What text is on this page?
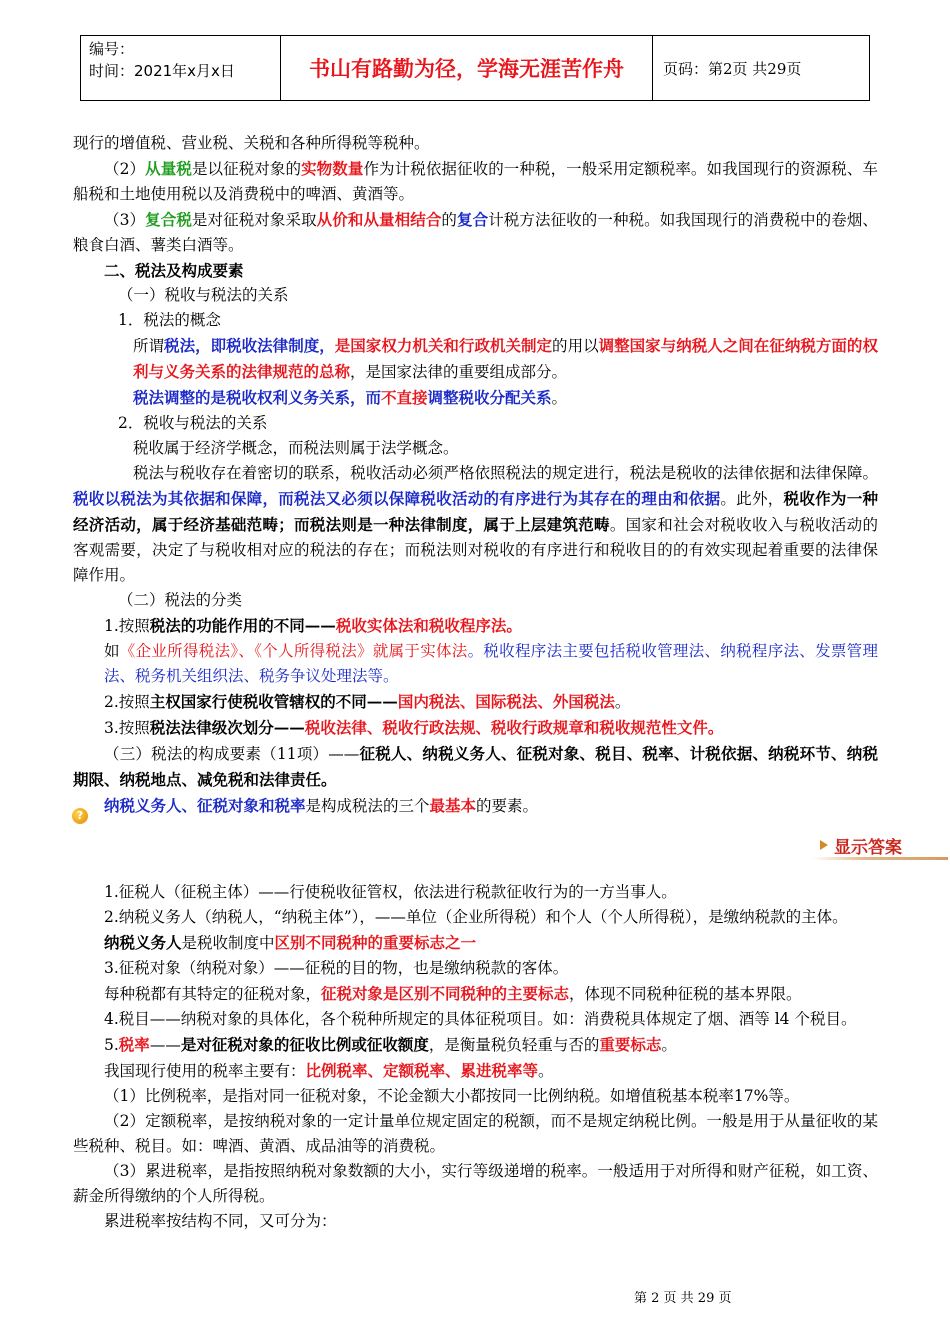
编号：
时间：2021年x月x日	书山有路勤为径，学海无涯苦作舟	页码：第2页 共29页

现行的增值税、营业税、关税和各种所得税等税种。

（2）从量税是以征税对象的实物数量作为计税依据征收的一种税，一般采用定额税率。如我国现行的资源税、车船税和土地使用税以及消费税中的啤酒、黄酒等。

（3）复合税是对征税对象采取从价和从量相结合的复合计税方法征收的一种税。如我国现行的消费税中的卷烟、粮食白酒、薯类白酒等。

二、税法及构成要素

（一）税收与税法的关系

1．税法的概念

所谓税法，即税收法律制度，是国家权力机关和行政机关制定的用以调整国家与纳税人之间在征纳税方面的权利与义务关系的法律规范的总称，是国家法律的重要组成部分。

税法调整的是税收权利义务关系，而不直接调整税收分配关系。

2．税收与税法的关系

税收属于经济学概念，而税法则属于法学概念。

税法与税收存在着密切的联系，税收活动必须严格依照税法的规定进行，税法是税收的法律依据和法律保障。税收以税法为其依据和保障，而税法又必须以保障税收活动的有序进行为其存在的理由和依据。此外，税收作为一种经济活动，属于经济基础范畴；而税法则是一种法律制度，属于上层建筑范畴。国家和社会对税收收入与税收活动的客观需要，决定了与税收相对应的税法的存在；而税法则对税收的有序进行和税收目的的有效实现起着重要的法律保障作用。

（二）税法的分类

1.按照税法的功能作用的不同——税收实体法和税收程序法。

如《企业所得税法》、《个人所得税法》就属于实体法。税收程序法主要包括税收管理法、纳税程序法、发票管理法、税务机关组织法、税务争议处理法等。

2.按照主权国家行使税收管辖权的不同——国内税法、国际税法、外国税法。

3.按照税法法律级次划分——税收法律、税收行政法规、税收行政规章和税收规范性文件。

（三）税法的构成要素（11项）——征税人、纳税义务人、征税对象、税目、税率、计税依据、纳税环节、纳税期限、纳税地点、减免税和法律责任。

纳税义务人、征税对象和税率是构成税法的三个最基本的要素。

?
显示答案

1.征税人（征税主体）——行使税收征管权，依法进行税款征收行为的一方当事人。

2.纳税义务人（纳税人，“纳税主体”），——单位（企业所得税）和个人（个人所得税），是缴纳税款的主体。

纳税义务人是税收制度中区别不同税种的重要标志之一

3.征税对象（纳税对象）——征税的目的物，也是缴纳税款的客体。

每种税都有其特定的征税对象，征税对象是区别不同税种的主要标志，体现不同税种征税的基本界限。

4.税目——纳税对象的具体化，各个税种所规定的具体征税项目。如：消费税具体规定了烟、酒等 l4 个税目。

5.税率——是对征税对象的征收比例或征收额度，是衡量税负轻重与否的重要标志。

我国现行使用的税率主要有：比例税率、定额税率、累进税率等。

（1）比例税率，是指对同一征税对象，不论金额大小都按同一比例纳税。如增值税基本税率17%等。

（2）定额税率，是按纳税对象的一定计量单位规定固定的税额，而不是规定纳税比例。一般是用于从量征收的某些税种、税目。如：啤酒、黄酒、成品油等的消费税。

（3）累进税率，是指按照纳税对象数额的大小，实行等级递增的税率。一般适用于对所得和财产征税，如工资、薪金所得缴纳的个人所得税。

累进税率按结构不同，又可分为：

第 2 页 共 29 页
